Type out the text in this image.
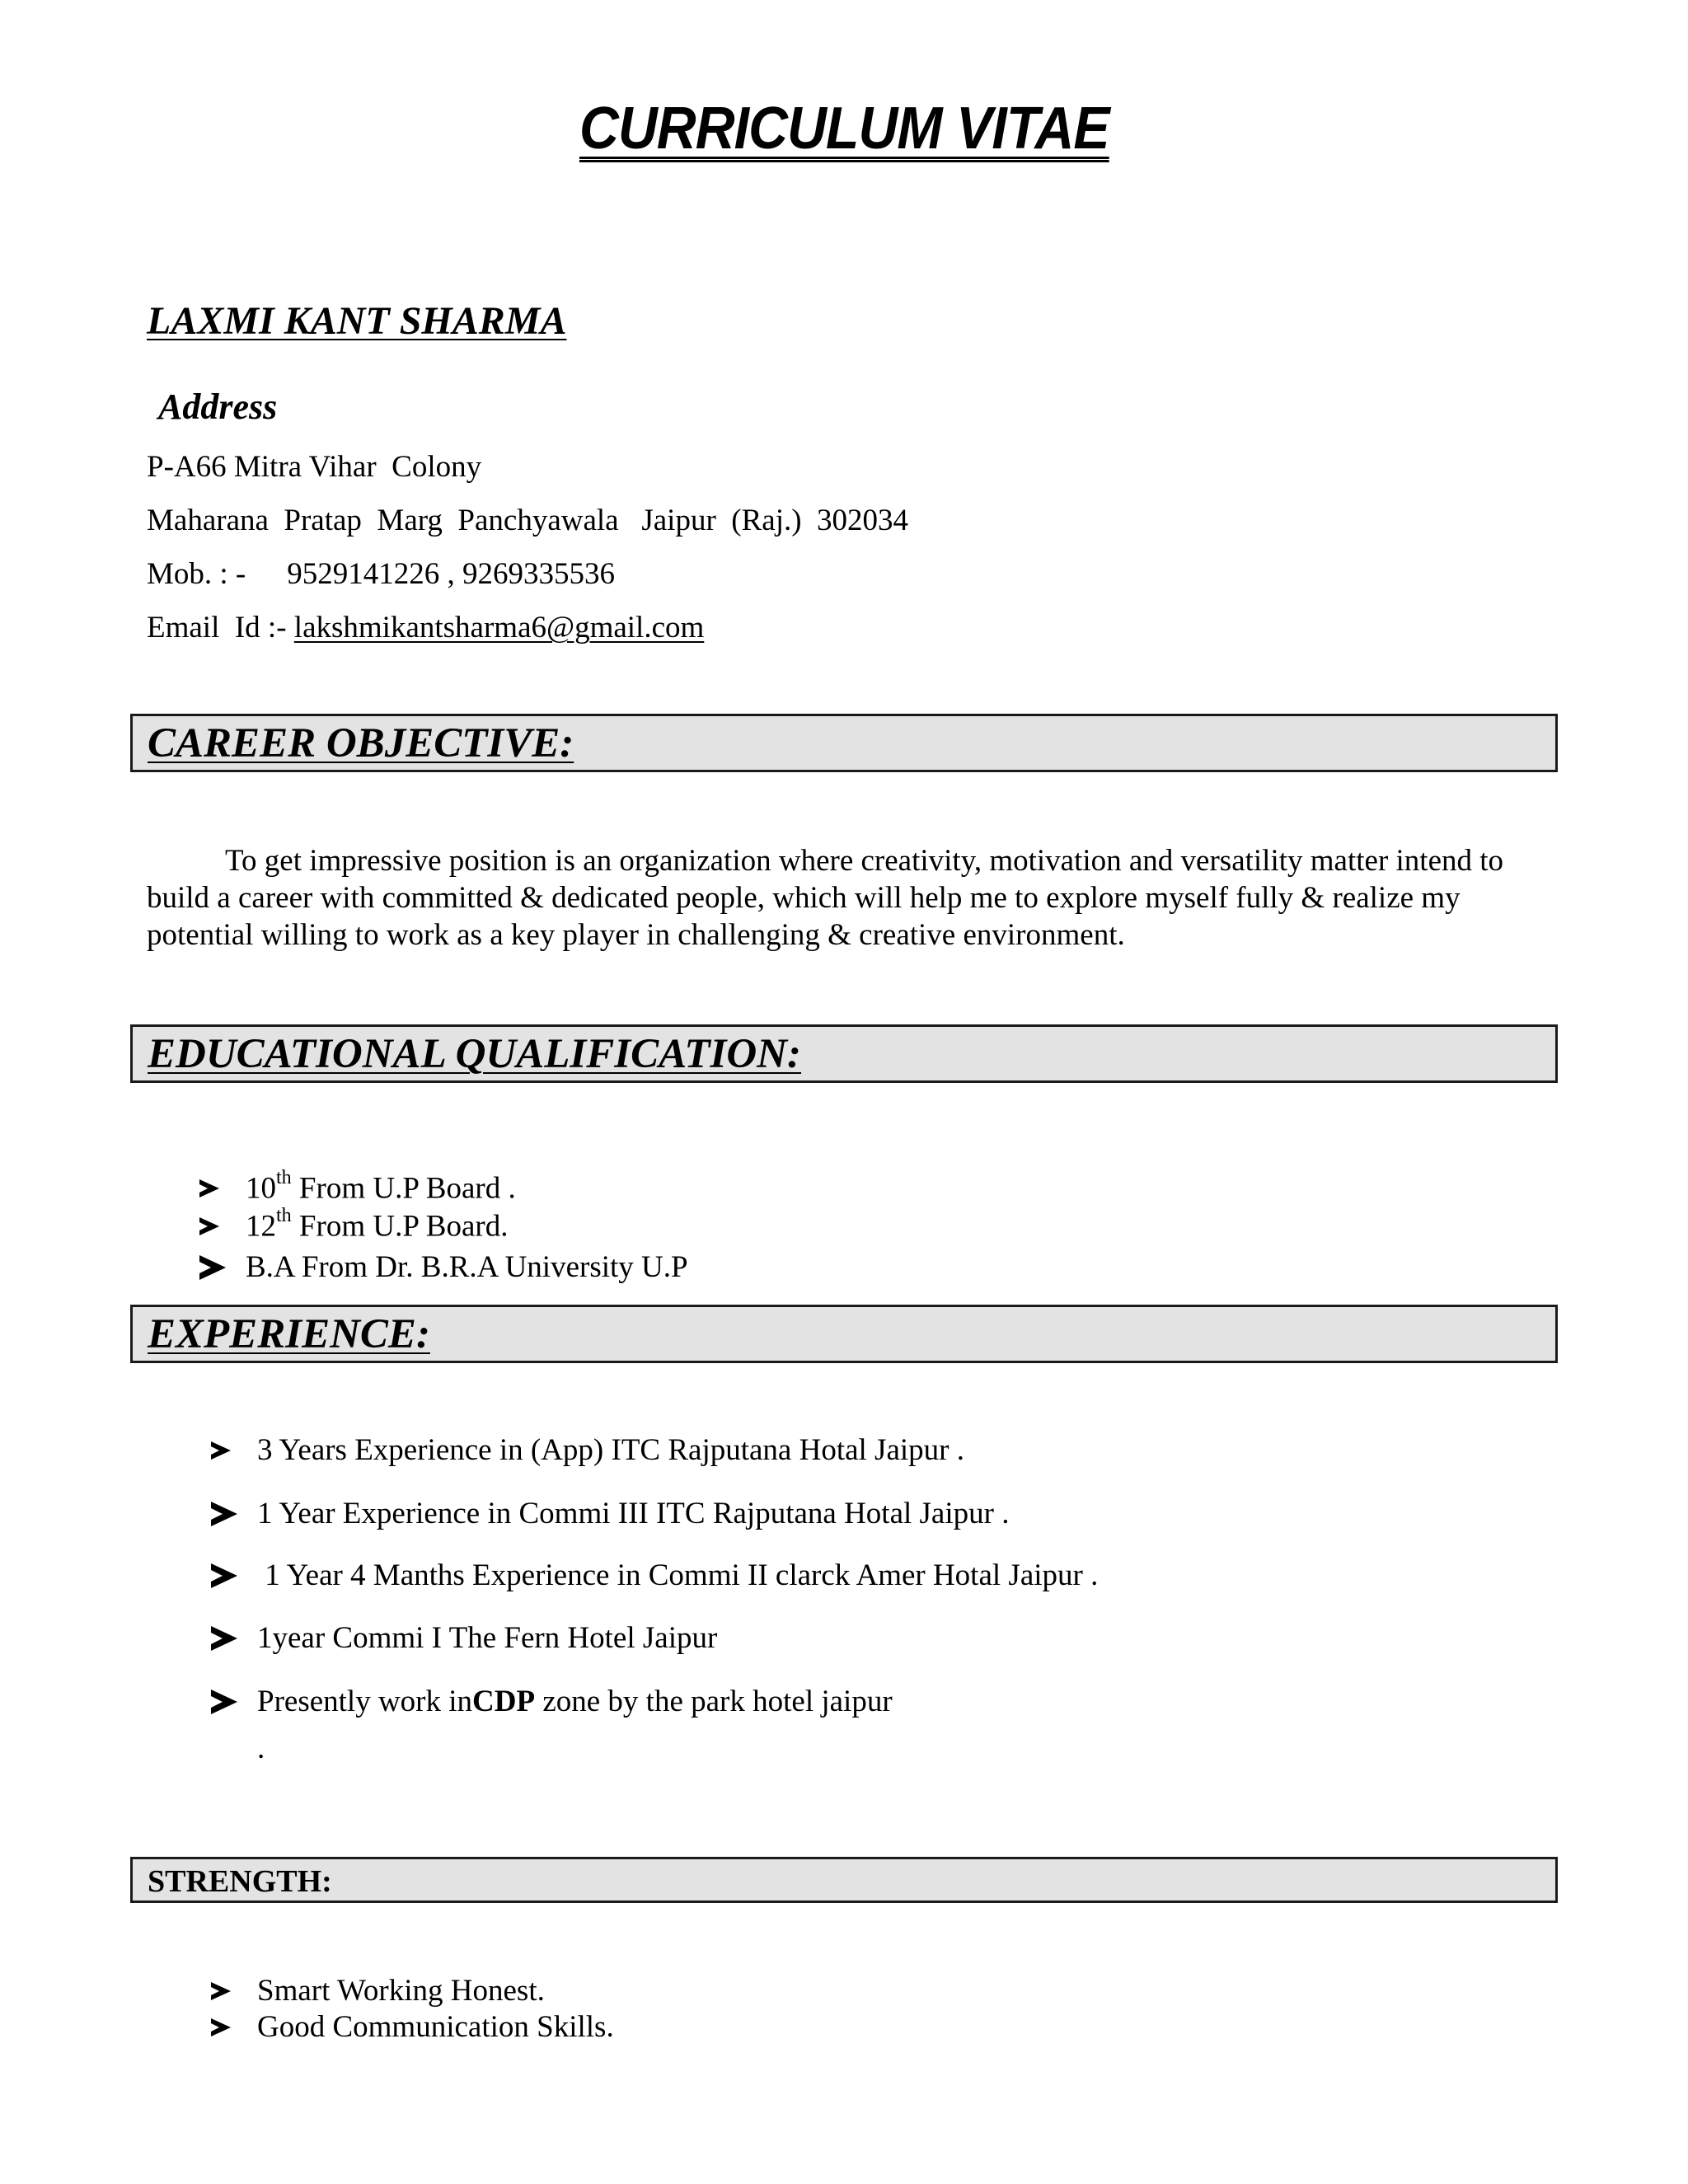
CURRICULUM VITAE
LAXMI KANT SHARMA
Address
P-A66 Mitra Vihar  Colony
Maharana  Pratap  Marg  Panchyawala   Jaipur  (Raj.)  302034
Mob. : - 9529141226 , 9269335536
Email  Id :- lakshmikantsharma6@gmail.com
CAREER OBJECTIVE:
To get impressive position is an organization where creativity, motivation and versatility matter intend to build a career with committed & dedicated people, which will help me to explore myself fully & realize my potential willing to work as a key player in challenging & creative environment.
EDUCATIONAL QUALIFICATION:
10th From U.P Board .
12th From U.P Board.
B.A From Dr. B.R.A University U.P
EXPERIENCE:
3 Years Experience in (App) ITC Rajputana Hotal Jaipur .
1 Year Experience in Commi III ITC Rajputana Hotal Jaipur .
1 Year 4 Manths Experience in Commi II clarck Amer Hotal Jaipur .
1year Commi I The Fern Hotel Jaipur
Presently work inCDP zone by the park hotel jaipur
.
STRENGTH:
Smart Working Honest.
Good Communication Skills.
